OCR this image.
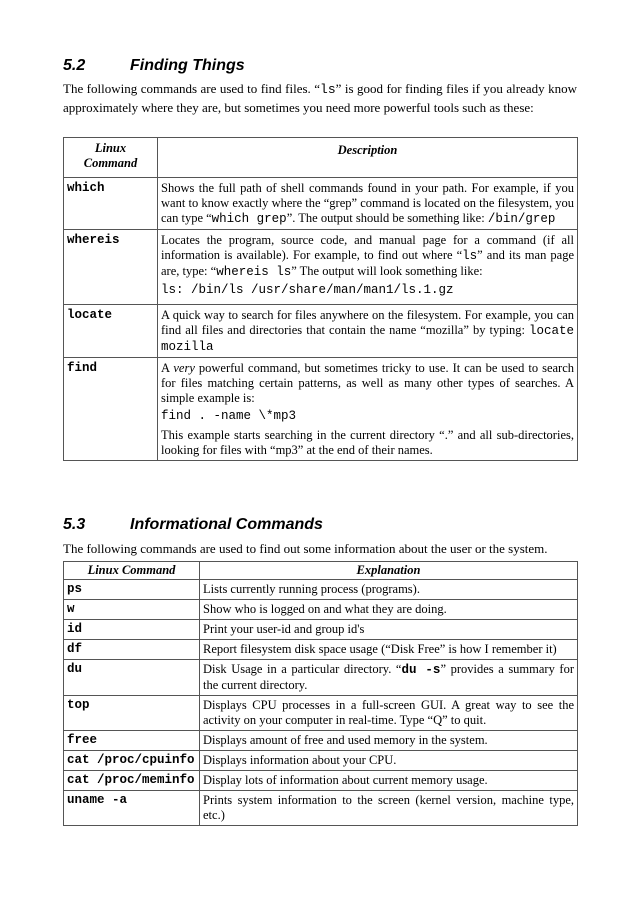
5.2	Finding Things

The following commands are used to find files. “ls” is good for finding files if you already know approximately where they are, but sometimes you need more powerful tools such as these:

Linux Command	Description
which	Shows the full path of shell commands found in your path. For example, if you want to know exactly where the “grep” command is located on the filesystem, you can type “which grep”. The output should be something like: /bin/grep

whereis	Locates the program, source code, and manual page for a command (if all information is available). For example, to find out where “ls” and its man page are, type: “whereis ls” The output will look something like:

ls: /bin/ls /usr/share/man/man1/ls.1.gz

locate	A quick way to search for files anywhere on the filesystem. For example, you can find all files and directories that contain the name “mozilla” by typing: locate mozilla

find	A very powerful command, but sometimes tricky to use. It can be used to search for files matching certain patterns, as well as many other types of searches. A simple example is:

find . -name \*mp3

This example starts searching in the current directory “.” and all sub-directories, looking for files with “mp3” at the end of their names.

5.3	Informational Commands

The following commands are used to find out some information about the user or the system.

Linux Command	Explanation
ps	Lists currently running process (programs).
w	Show who is logged on and what they are doing.
id	Print your user-id and group id's
df	Report filesystem disk space usage (“Disk Free” is how I remember it)
du	Disk Usage in a particular directory. “du -s” provides a summary for the current directory.
top	Displays CPU processes in a full-screen GUI. A great way to see the activity on your computer in real-time. Type “Q” to quit.
free	Displays amount of free and used memory in the system.
cat /proc/cpuinfo	Displays information about your CPU.
cat /proc/meminfo	Display lots of information about current memory usage.
uname -a	Prints system information to the screen (kernel version, machine type, etc.)
